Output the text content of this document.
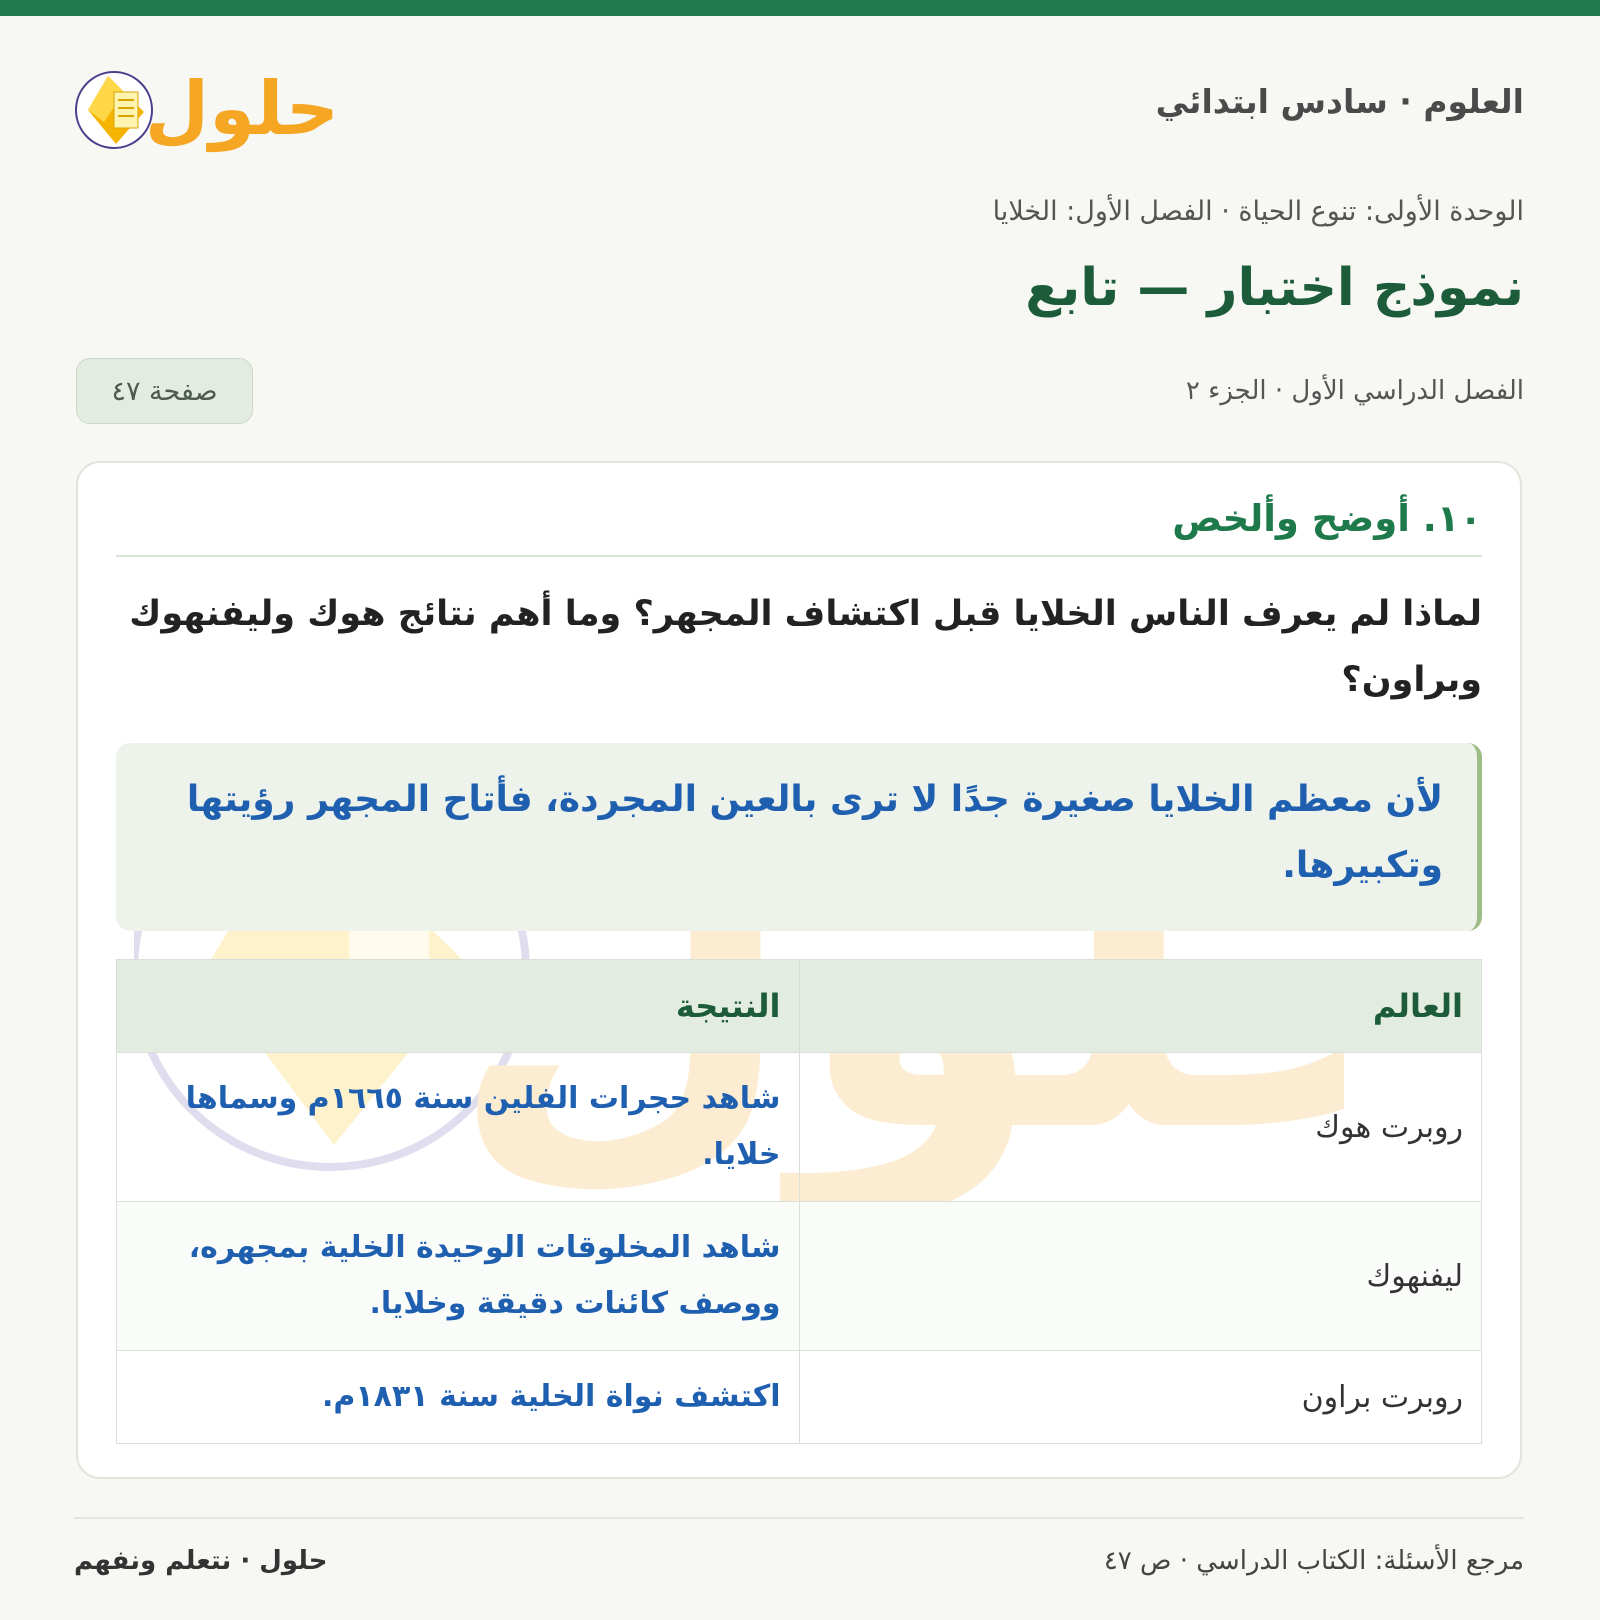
العلوم · سادس ابتدائي
حلول
الوحدة الأولى: تنوع الحياة · الفصل الأول: الخلايا
نموذج اختبار — تابع
الفصل الدراسي الأول · الجزء ٢
صفحة ٤٧
١٠. أوضح وألخص
لماذا لم يعرف الناس الخلايا قبل اكتشاف المجهر؟ وما أهم نتائج هوك وليفنهوك وبراون؟
لأن معظم الخلايا صغيرة جدًا لا ترى بالعين المجردة، فأتاح المجهر رؤيتها وتكبيرها.
العالم	النتيجة
روبرت هوك	شاهد حجرات الفلين سنة ١٦٦٥م وسماها خلايا.
ليفنهوك	شاهد المخلوقات الوحيدة الخلية بمجهره، ووصف كائنات دقيقة وخلايا.
روبرت براون	اكتشف نواة الخلية سنة ١٨٣١م.
مرجع الأسئلة: الكتاب الدراسي · ص ٤٧
حلول · نتعلم ونفهم
